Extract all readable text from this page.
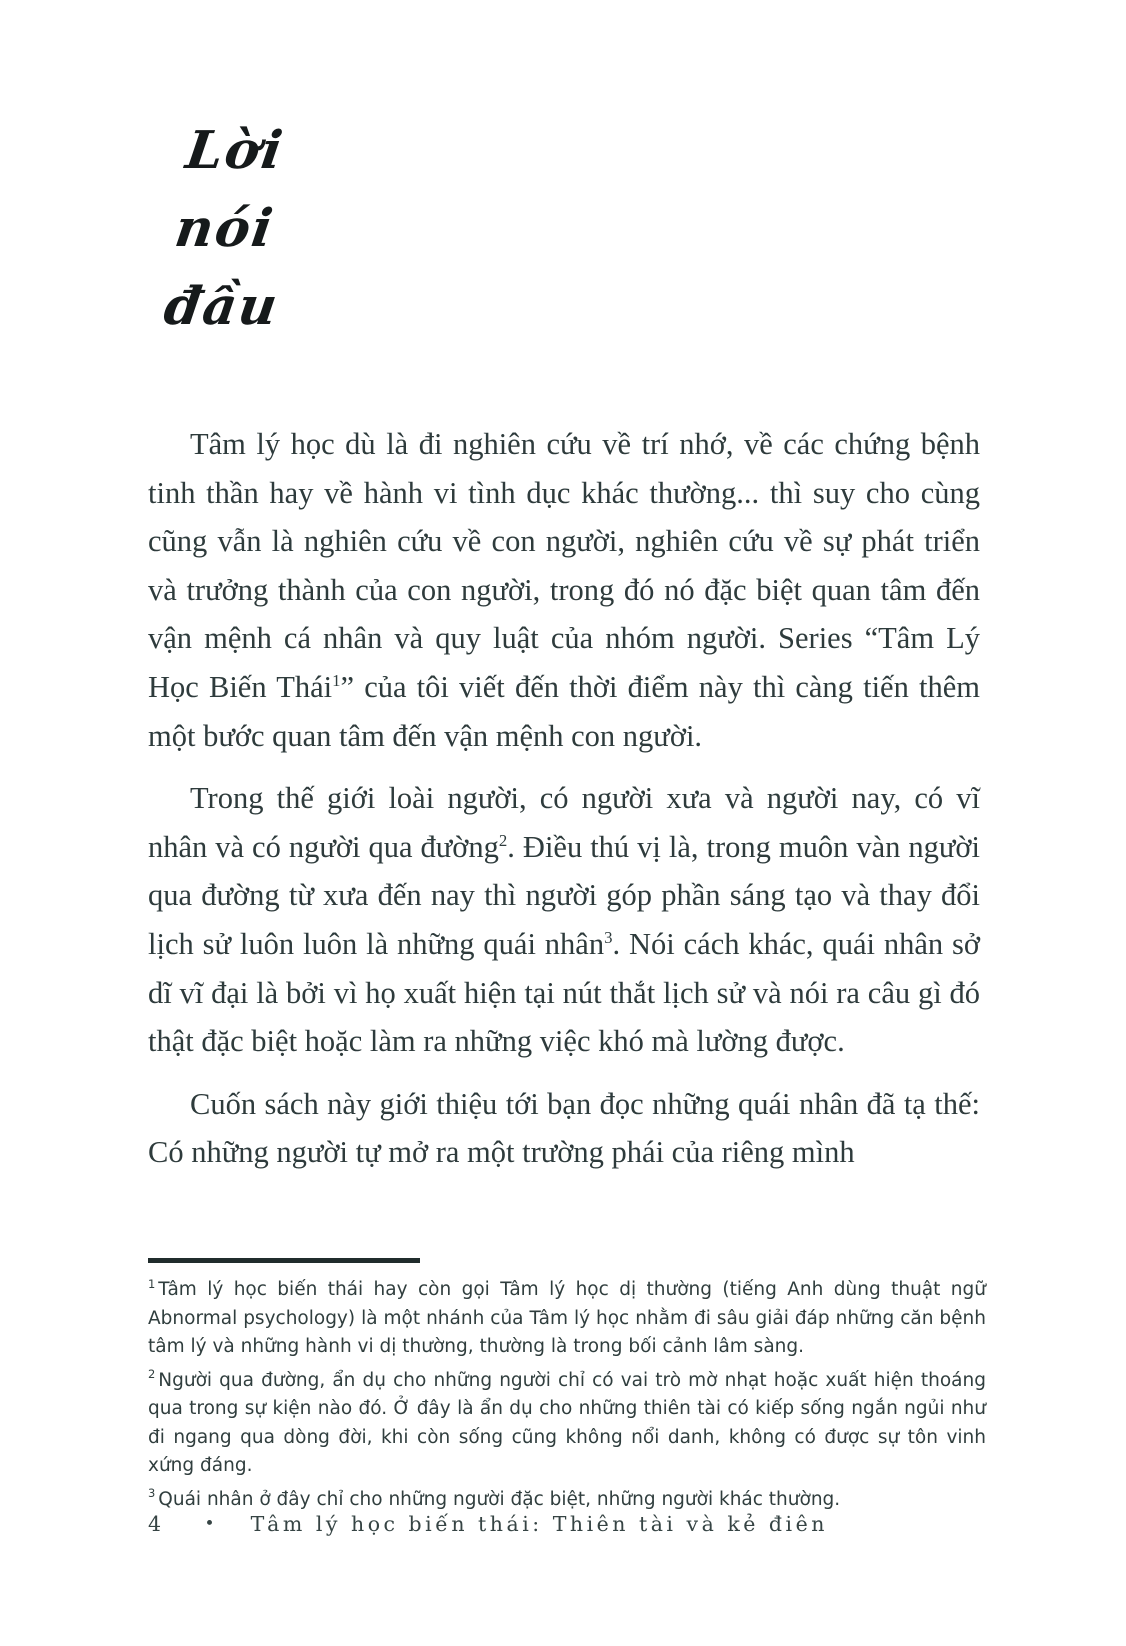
Lời
nói
đầu

Tâm lý học dù là đi nghiên cứu về trí nhớ, về các chứng bệnh tinh thần hay về hành vi tình dục khác thường... thì suy cho cùng cũng vẫn là nghiên cứu về con người, nghiên cứu về sự phát triển và trưởng thành của con người, trong đó nó đặc biệt quan tâm đến vận mệnh cá nhân và quy luật của nhóm người. Series “Tâm Lý Học Biến Thái$^1$” của tôi viết đến thời điểm này thì càng tiến thêm một bước quan tâm đến vận mệnh con người.

Trong thế giới loài người, có người xưa và người nay, có vĩ nhân và có người qua đường$^2$. Điều thú vị là, trong muôn vàn người qua đường từ xưa đến nay thì người góp phần sáng tạo và thay đổi lịch sử luôn luôn là những quái nhân$^3$. Nói cách khác, quái nhân sở dĩ vĩ đại là bởi vì họ xuất hiện tại nút thắt lịch sử và nói ra câu gì đó thật đặc biệt hoặc làm ra những việc khó mà lường được.

Cuốn sách này giới thiệu tới bạn đọc những quái nhân đã tạ thế: Có những người tự mở ra một trường phái của riêng mình

$^1$ Tâm lý học biến thái hay còn gọi Tâm lý học dị thường (tiếng Anh dùng thuật ngữ Abnormal psychology) là một nhánh của Tâm lý học nhằm đi sâu giải đáp những căn bệnh tâm lý và những hành vi dị thường, thường là trong bối cảnh lâm sàng.
$^2$ Người qua đường, ẩn dụ cho những người chỉ có vai trò mờ nhạt hoặc xuất hiện thoáng qua trong sự kiện nào đó. Ở đây là ẩn dụ cho những thiên tài có kiếp sống ngắn ngủi như đi ngang qua dòng đời, khi còn sống cũng không nổi danh, không có được sự tôn vinh xứng đáng.
$^3$ Quái nhân ở đây chỉ cho những người đặc biệt, những người khác thường.
4 • Tâm lý học biến thái: Thiên tài và kẻ điên
